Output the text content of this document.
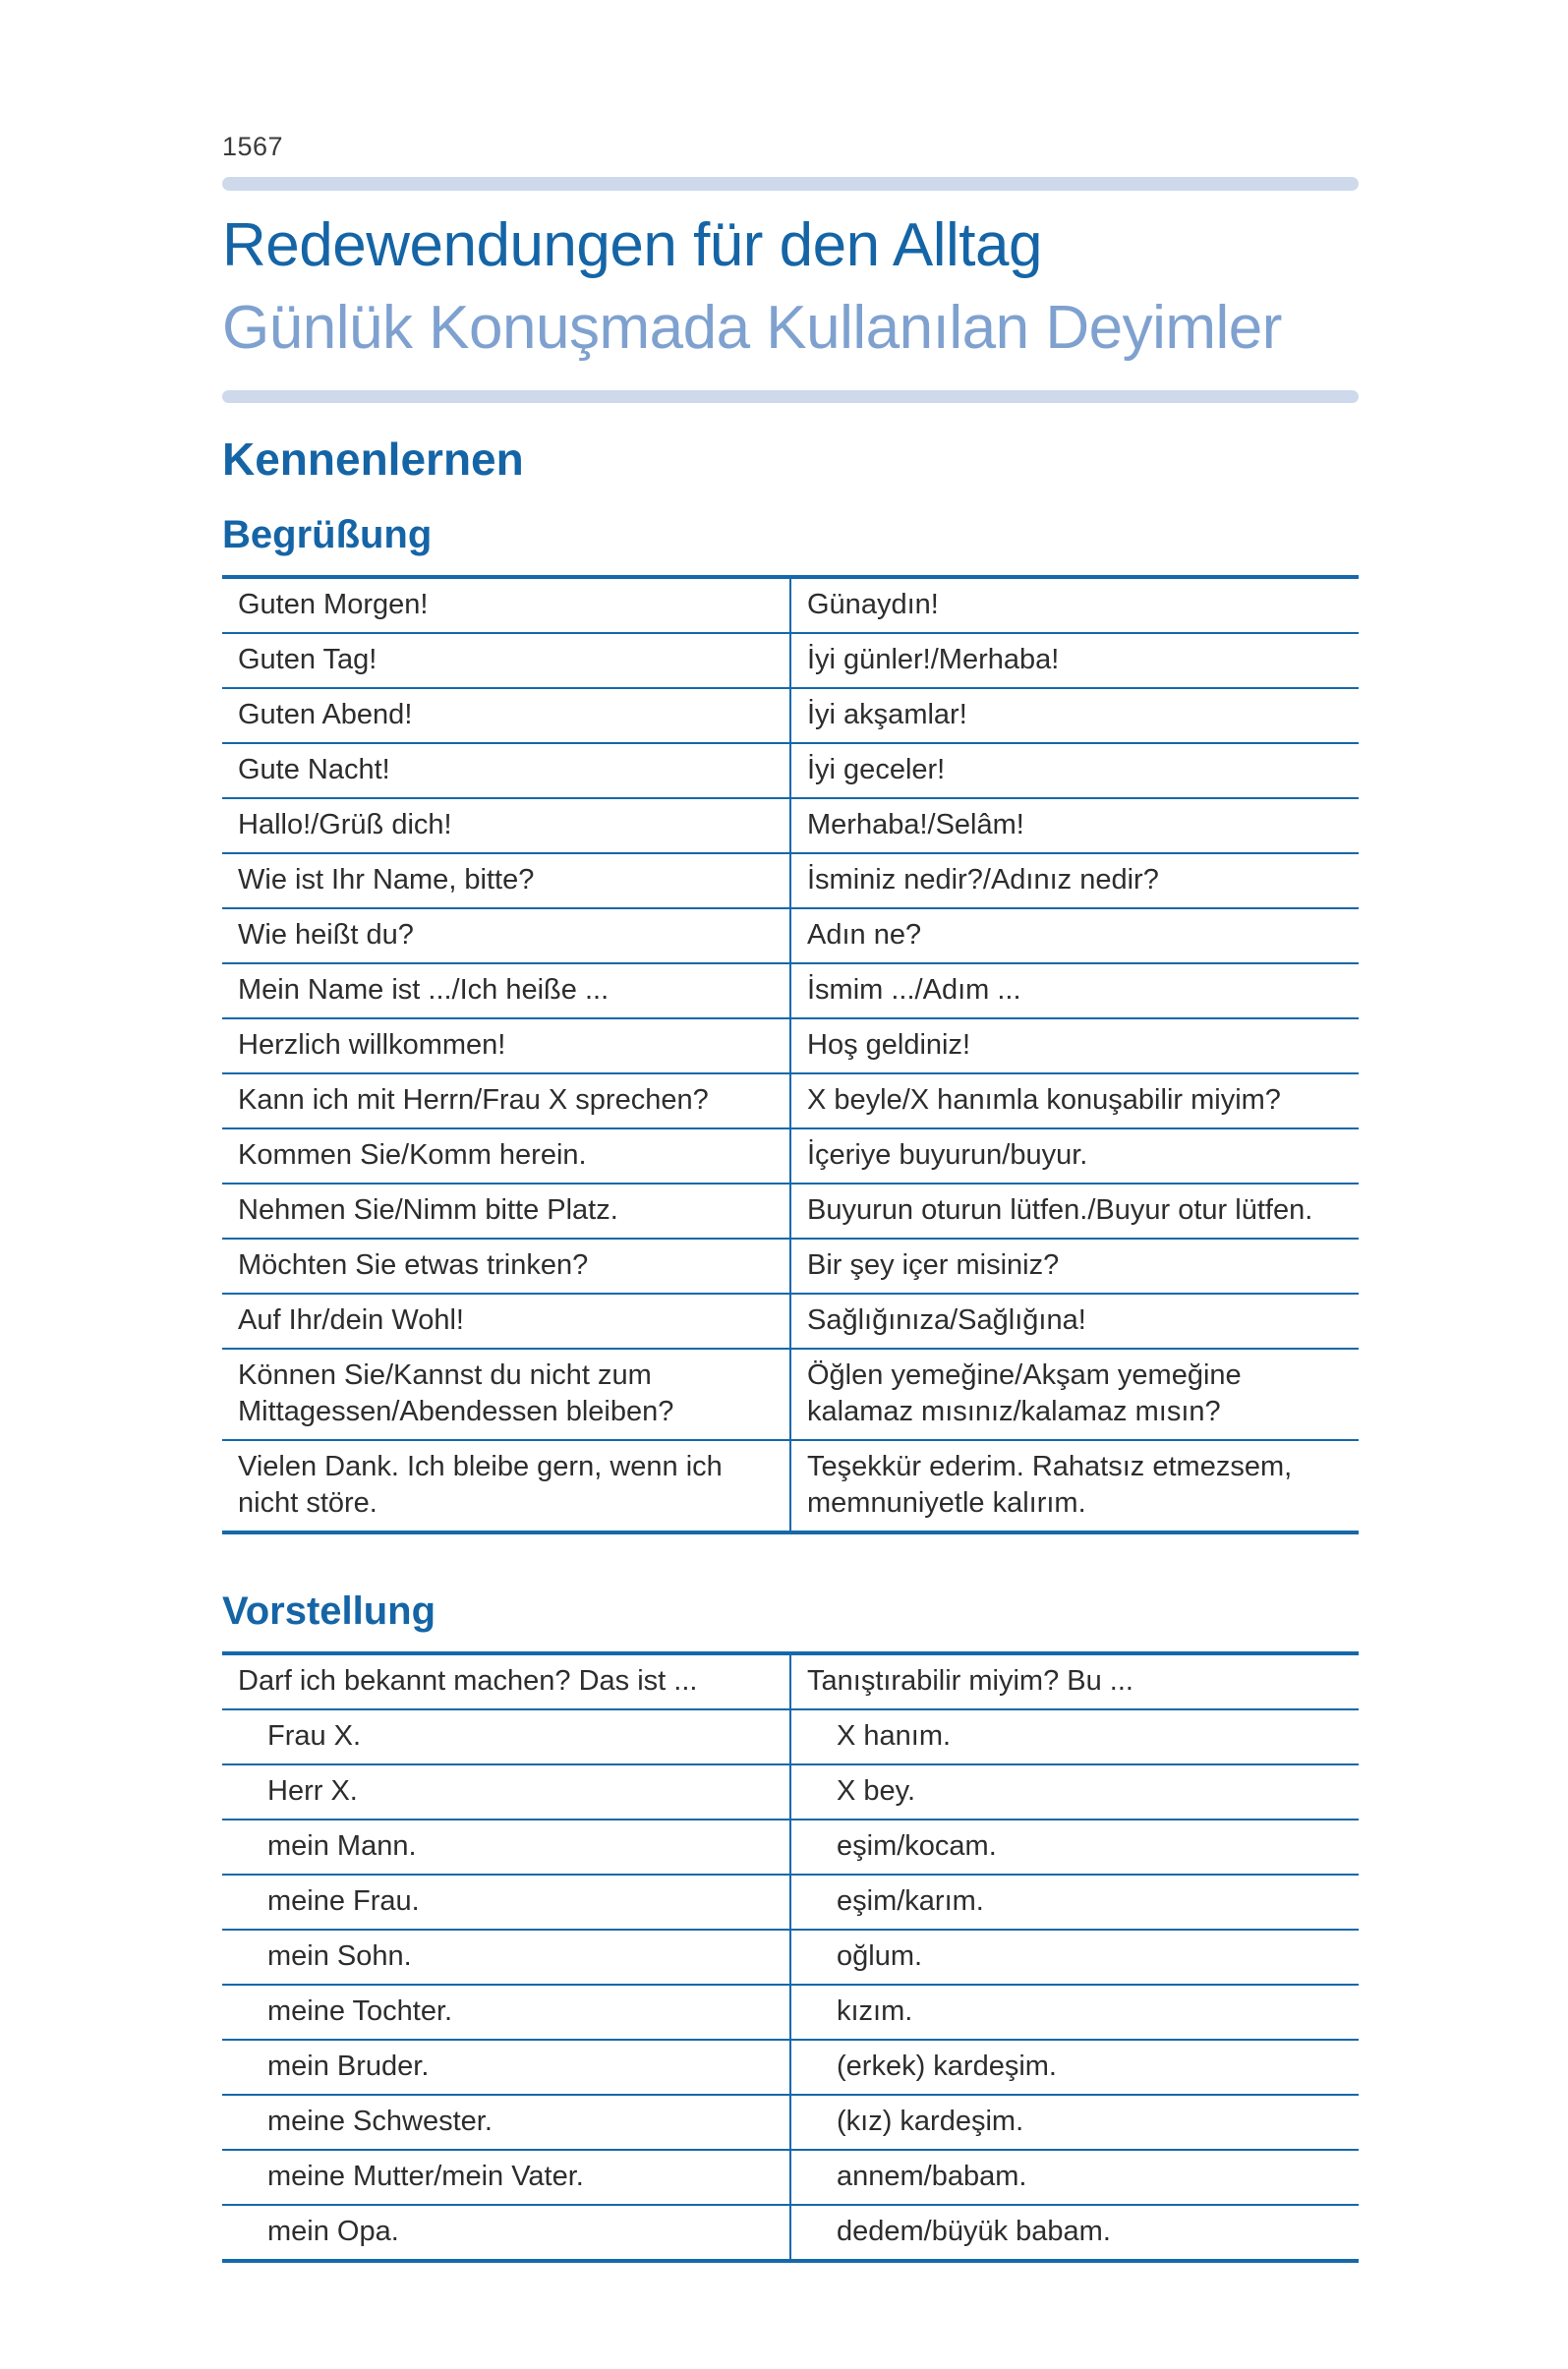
1567
Redewendungen für den Alltag
Günlük Konuşmada Kullanılan Deyimler
Kennenlernen
Begrüßung
Guten Morgen!	Günaydın!
Guten Tag!	İyi günler!/Merhaba!
Guten Abend!	İyi akşamlar!
Gute Nacht!	İyi geceler!
Hallo!/Grüß dich!	Merhaba!/Selâm!
Wie ist Ihr Name, bitte?	İsminiz nedir?/Adınız nedir?
Wie heißt du?	Adın ne?
Mein Name ist .../Ich heiße ...	İsmim .../Adım ...
Herzlich willkommen!	Hoş geldiniz!
Kann ich mit Herrn/Frau X sprechen?	X beyle/X hanımla konuşabilir miyim?
Kommen Sie/Komm herein.	İçeriye buyurun/buyur.
Nehmen Sie/Nimm bitte Platz.	Buyurun oturun lütfen./Buyur otur lütfen.
Möchten Sie etwas trinken?	Bir şey içer misiniz?
Auf Ihr/dein Wohl!	Sağlığınıza/Sağlığına!
Können Sie/Kannst du nicht zum Mittagessen/Abendessen bleiben?	Öğlen yemeğine/Akşam yemeğine kalamaz mısınız/kalamaz mısın?
Vielen Dank. Ich bleibe gern, wenn ich nicht störe.	Teşekkür ederim. Rahatsız etmezsem, memnuniyetle kalırım.
Vorstellung
Darf ich bekannt machen? Das ist ...	Tanıştırabilir miyim? Bu ...
Frau X.	X hanım.
Herr X.	X bey.
mein Mann.	eşim/kocam.
meine Frau.	eşim/karım.
mein Sohn.	oğlum.
meine Tochter.	kızım.
mein Bruder.	(erkek) kardeşim.
meine Schwester.	(kız) kardeşim.
meine Mutter/mein Vater.	annem/babam.
mein Opa.	dedem/büyük babam.
